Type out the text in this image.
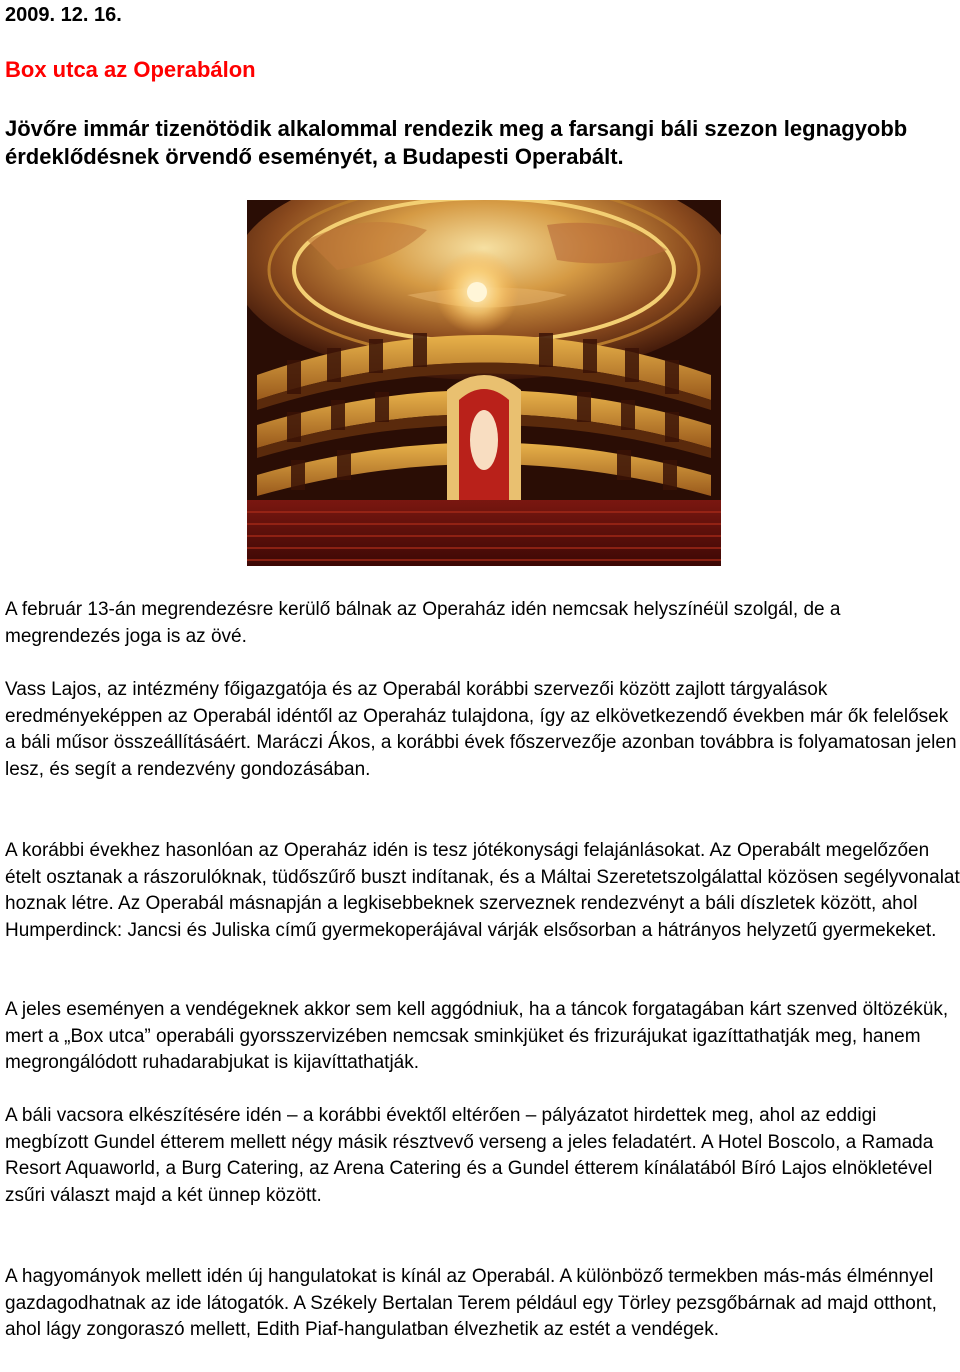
2009. 12. 16.

Box utca az Operabálon

Jövőre immár tizenötödik alkalommal rendezik meg a farsangi báli szezon legnagyobb érdeklődésnek örvendő eseményét, a Budapesti Operabált.

A február 13-án megrendezésre kerülő bálnak az Operaház idén nemcsak helyszínéül szolgál, de a megrendezés joga is az övé.

Vass Lajos, az intézmény főigazgatója és az Operabál korábbi szervezői között zajlott tárgyalások eredményeképpen az Operabál idéntől az Operaház tulajdona, így az elkövetkezendő években már ők felelősek a báli műsor összeállításáért. Maráczi Ákos, a korábbi évek főszervezője azonban továbbra is folyamatosan jelen lesz, és segít a rendezvény gondozásában.

A korábbi évekhez hasonlóan az Operaház idén is tesz jótékonysági felajánlásokat. Az Operabált megelőzően ételt osztanak a rászorulóknak, tüdőszűrő buszt indítanak, és a Máltai Szeretetszolgálattal közösen segélyvonalat hoznak létre. Az Operabál másnapján a legkisebbeknek szerveznek rendezvényt a báli díszletek között, ahol Humperdinck: Jancsi és Juliska című gyermekoperájával várják elsősorban a hátrányos helyzetű gyermekeket.

A jeles eseményen a vendégeknek akkor sem kell aggódniuk, ha a táncok forgatagában kárt szenved öltözékük, mert a „Box utca” operabáli gyorsszervizében nemcsak sminkjüket és frizurájukat igazíttathatják meg, hanem megrongálódott ruhadarabjukat is kijavíttathatják.

A báli vacsora elkészítésére idén – a korábbi évektől eltérően – pályázatot hirdettek meg, ahol az eddigi megbízott Gundel étterem mellett négy másik résztvevő verseng a jeles feladatért. A Hotel Boscolo, a Ramada Resort Aquaworld, a Burg Catering, az Arena Catering és a Gundel étterem kínálatából Bíró Lajos elnökletével zsűri választ majd a két ünnep között.

A hagyományok mellett idén új hangulatokat is kínál az Operabál. A különböző termekben más-más élménnyel gazdagodhatnak az ide látogatók. A Székely Bertalan Terem például egy Törley pezsgőbárnak ad majd otthont, ahol lágy zongoraszó mellett, Edith Piaf-hangulatban élvezhetik az estét a vendégek.
